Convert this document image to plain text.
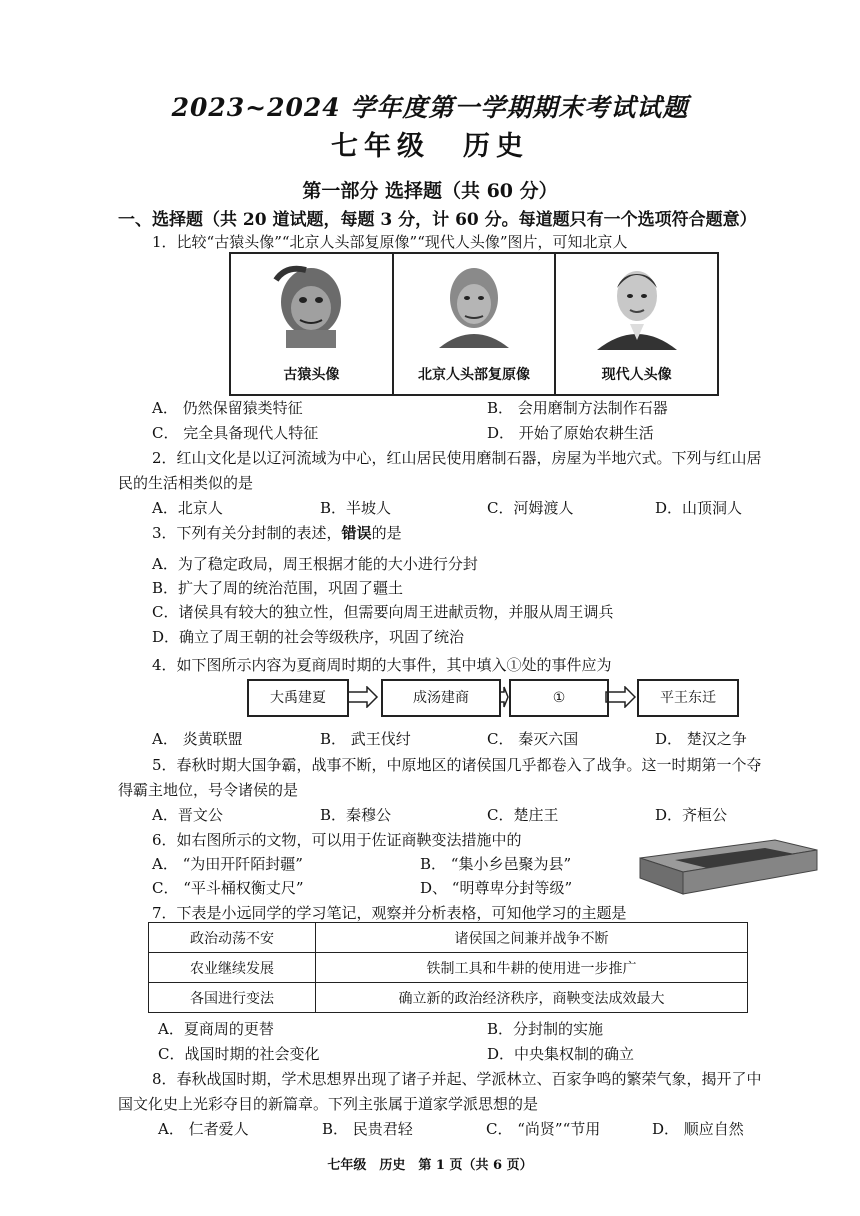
2023~2024 学年度第一学期期末考试试题
七年级　历史
第一部分 选择题（共 60 分）
一、选择题（共 20 道试题，每题 3 分，计 60 分。每道题只有一个选项符合题意）
1．比较“古猿头像”“北京人头部复原像”“现代人头像”图片，可知北京人
古猿头像	北京人头部复原像	现代人头像
A． 仍然保留猿类特征	B． 会用磨制方法制作石器
C． 完全具备现代人特征	D． 开始了原始农耕生活
2．红山文化是以辽河流域为中心，红山居民使用磨制石器，房屋为半地穴式。下列与红山居
民的生活相类似的是
A．北京人	B．半坡人	C．河姆渡人	D．山顶洞人
3．下列有关分封制的表述，错误的是
A．为了稳定政局，周王根据才能的大小进行分封
B．扩大了周的统治范围，巩固了疆土
C．诸侯具有较大的独立性，但需要向周王进献贡物，并服从周王调兵
D．确立了周王朝的社会等级秩序，巩固了统治
4．如下图所示内容为夏商周时期的大事件，其中填入①处的事件应为
大禹建夏	成汤建商	①	平王东迁
A． 炎黄联盟	B． 武王伐纣	C． 秦灭六国	D． 楚汉之争
5．春秋时期大国争霸，战事不断，中原地区的诸侯国几乎都卷入了战争。这一时期第一个夺
得霸主地位，号令诸侯的是
A．晋文公	B．秦穆公	C．楚庄王	D．齐桓公
6．如右图所示的文物，可以用于佐证商鞅变法措施中的
A． “为田开阡陌封疆”	B． “集小乡邑聚为县”
C． “平斗桶权衡丈尺”	D、 “明尊卑分封等级”
7．下表是小远同学的学习笔记，观察并分析表格，可知他学习的主题是
政治动荡不安	诸侯国之间兼并战争不断
农业继续发展	铁制工具和牛耕的使用进一步推广
各国进行变法	确立新的政治经济秩序，商鞅变法成效最大
A．夏商周的更替	B．分封制的实施
C．战国时期的社会变化	D．中央集权制的确立
8．春秋战国时期，学术思想界出现了诸子并起、学派林立、百家争鸣的繁荣气象，揭开了中
国文化史上光彩夺目的新篇章。下列主张属于道家学派思想的是
A． 仁者爱人	B． 民贵君轻	C． “尚贤”“节用	D． 顺应自然
七年级　历史　第 1 页（共 6 页）
